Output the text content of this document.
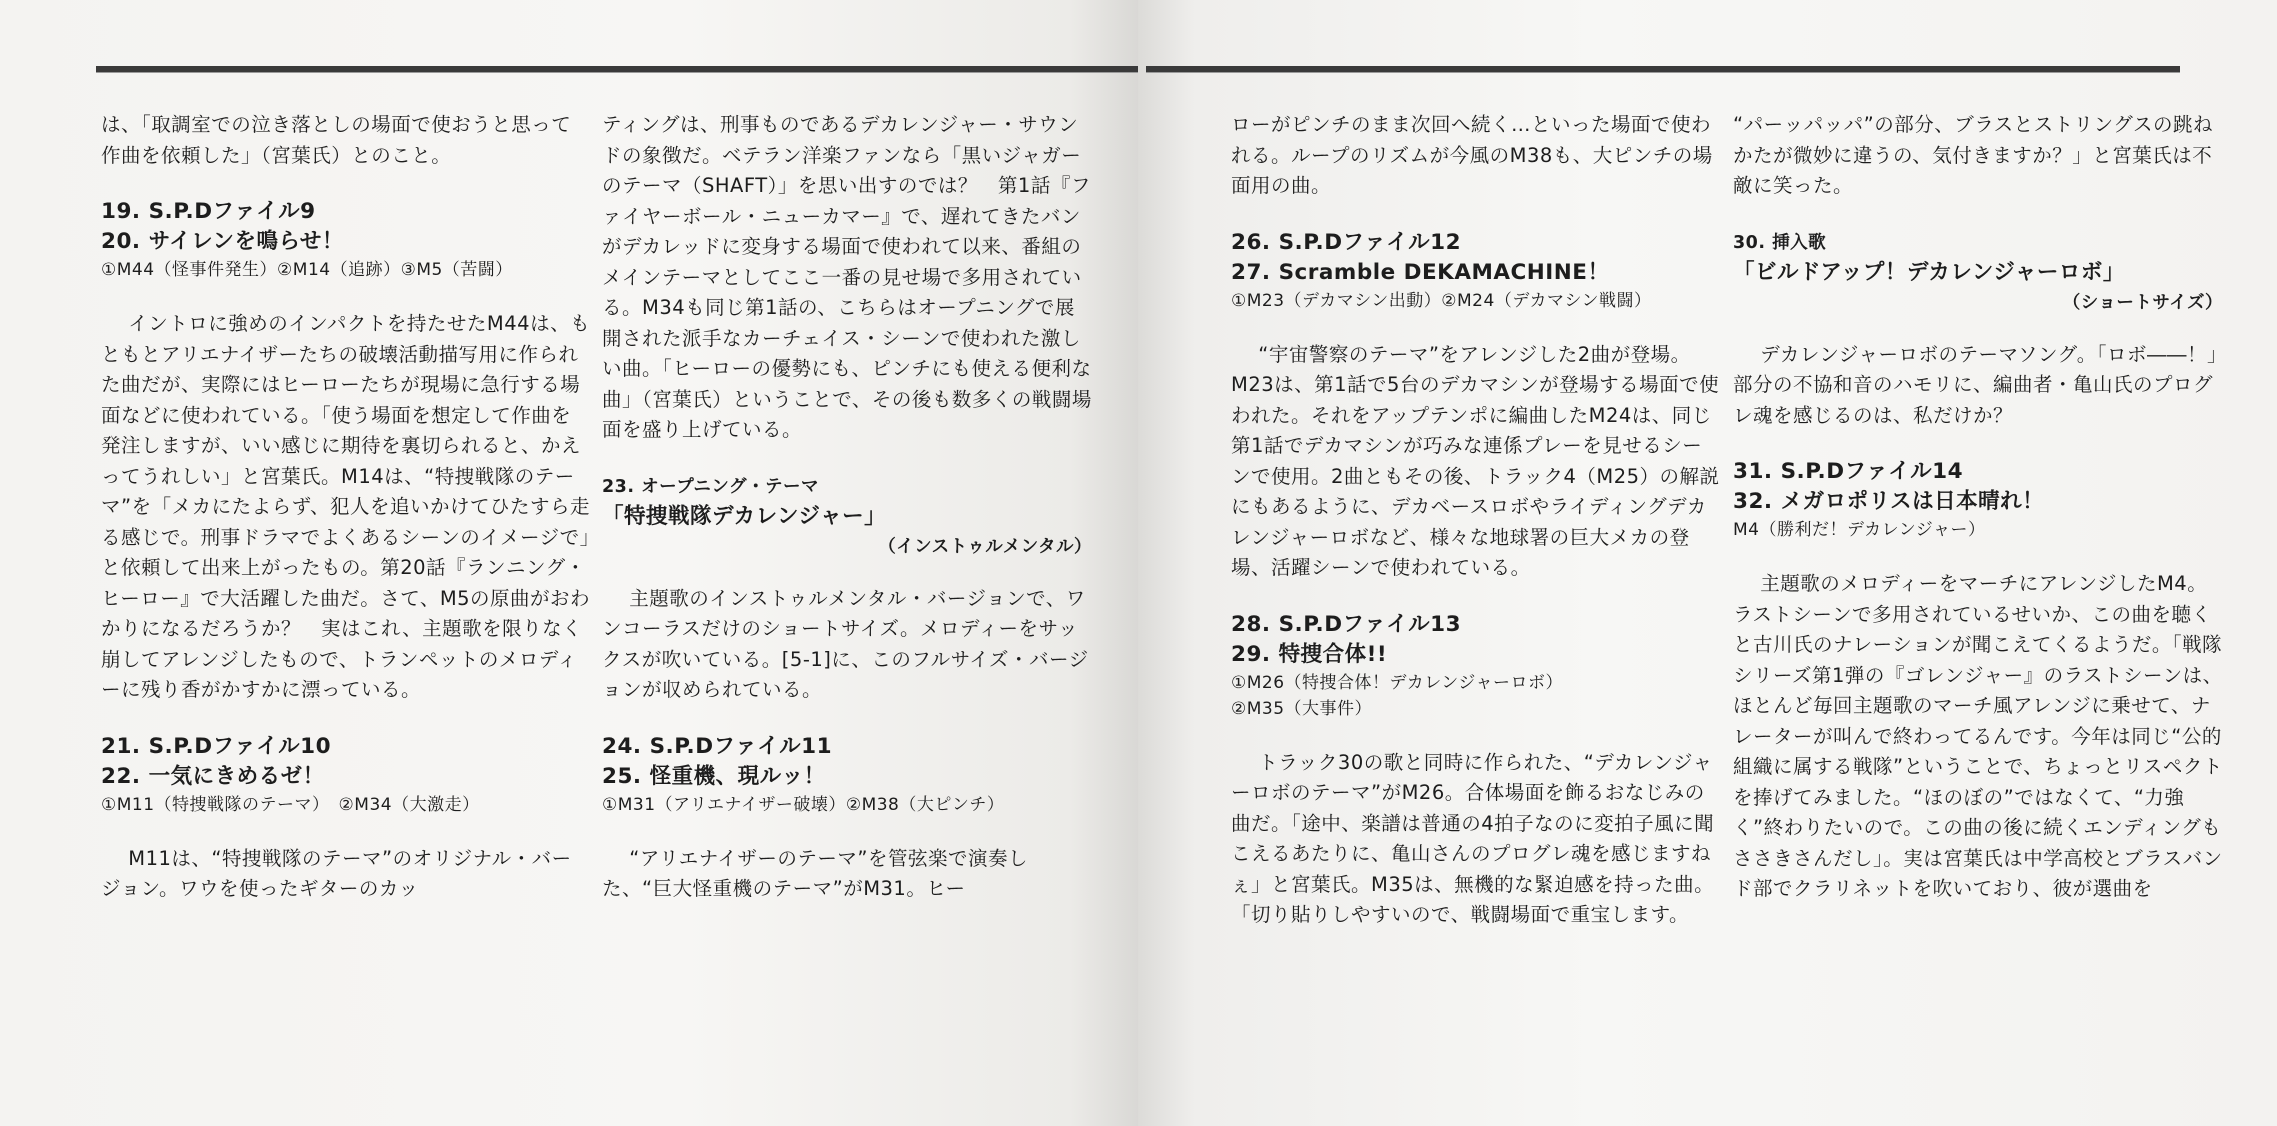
は、「取調室での泣き落としの場面で使おうと思って作曲を依頼した」（宮葉氏）とのこと。

19. S.P.Dファイル9

20. サイレンを鳴らせ！

①M44（怪事件発生）②M14（追跡）③M5（苦闘）

イントロに強めのインパクトを持たせたM44は、もともとアリエナイザーたちの破壊活動描写用に作られた曲だが、実際にはヒーローたちが現場に急行する場面などに使われている。「使う場面を想定して作曲を発注しますが、いい感じに期待を裏切られると、かえってうれしい」と宮葉氏。M14は、“特捜戦隊のテーマ”を「メカにたよらず、犯人を追いかけてひたすら走る感じで。刑事ドラマでよくあるシーンのイメージで」と依頼して出来上がったもの。第20話『ランニング・ヒーロー』で大活躍した曲だ。さて、M5の原曲がおわかりになるだろうか？　実はこれ、主題歌を限りなく崩してアレンジしたもので、トランペットのメロディーに残り香がかすかに漂っている。

21. S.P.Dファイル10

22. 一気にきめるゼ！

①M11（特捜戦隊のテーマ）　②M34（大激走）

M11は、“特捜戦隊のテーマ”のオリジナル・バージョン。ワウを使ったギターのカッ

ティングは、刑事ものであるデカレンジャー・サウンドの象徴だ。ベテラン洋楽ファンなら「黒いジャガーのテーマ（SHAFT）」を思い出すのでは？　第1話『ファイヤーボール・ニューカマー』で、遅れてきたバンがデカレッドに変身する場面で使われて以来、番組のメインテーマとしてここ一番の見せ場で多用されている。M34も同じ第1話の、こちらはオープニングで展開された派手なカーチェイス・シーンで使われた激しい曲。「ヒーローの優勢にも、ピンチにも使える便利な曲」（宮葉氏）ということで、その後も数多くの戦闘場面を盛り上げている。

23. オープニング・テーマ

「特捜戦隊デカレンジャー」

（インストゥルメンタル）

主題歌のインストゥルメンタル・バージョンで、ワンコーラスだけのショートサイズ。メロディーをサックスが吹いている。[5-1]に、このフルサイズ・バージョンが収められている。

24. S.P.Dファイル11

25. 怪重機、現ルッ！

①M31（アリエナイザー破壊）②M38（大ピンチ）

“アリエナイザーのテーマ”を管弦楽で演奏した、“巨大怪重機のテーマ”がM31。ヒー

ローがピンチのまま次回へ続く…といった場面で使われる。ループのリズムが今風のM38も、大ピンチの場面用の曲。

26. S.P.Dファイル12

27. Scramble DEKAMACHINE！

①M23（デカマシン出動）②M24（デカマシン戦闘）

“宇宙警察のテーマ”をアレンジした2曲が登場。M23は、第1話で5台のデカマシンが登場する場面で使われた。それをアップテンポに編曲したM24は、同じ第1話でデカマシンが巧みな連係プレーを見せるシーンで使用。2曲ともその後、トラック4（M25）の解説にもあるように、デカベースロボやライディングデカレンジャーロボなど、様々な地球署の巨大メカの登場、活躍シーンで使われている。

28. S.P.Dファイル13

29. 特捜合体!!

①M26（特捜合体！デカレンジャーロボ）

②M35（大事件）

トラック30の歌と同時に作られた、“デカレンジャーロボのテーマ”がM26。合体場面を飾るおなじみの曲だ。「途中、楽譜は普通の4拍子なのに変拍子風に聞こえるあたりに、亀山さんのプログレ魂を感じますねぇ」と宮葉氏。M35は、無機的な緊迫感を持った曲。「切り貼りしやすいので、戦闘場面で重宝します。

“パーッパッパ”の部分、ブラスとストリングスの跳ねかたが微妙に違うの、気付きますか？」と宮葉氏は不敵に笑った。

30. 挿入歌

「ビルドアップ！デカレンジャーロボ」

（ショートサイズ）

デカレンジャーロボのテーマソング。「ロボ――！」部分の不協和音のハモリに、編曲者・亀山氏のプログレ魂を感じるのは、私だけか？

31. S.P.Dファイル14

32. メガロポリスは日本晴れ！

M4（勝利だ！デカレンジャー）

主題歌のメロディーをマーチにアレンジしたM4。ラストシーンで多用されているせいか、この曲を聴くと古川氏のナレーションが聞こえてくるようだ。「戦隊シリーズ第1弾の『ゴレンジャー』のラストシーンは、ほとんど毎回主題歌のマーチ風アレンジに乗せて、ナレーターが叫んで終わってるんです。今年は同じ“公的組織に属する戦隊”ということで、ちょっとリスペクトを捧げてみました。“ほのぼの”ではなくて、“力強く”終わりたいので。この曲の後に続くエンディングもささきさんだし」。実は宮葉氏は中学高校とブラスバンド部でクラリネットを吹いており、彼が選曲を
